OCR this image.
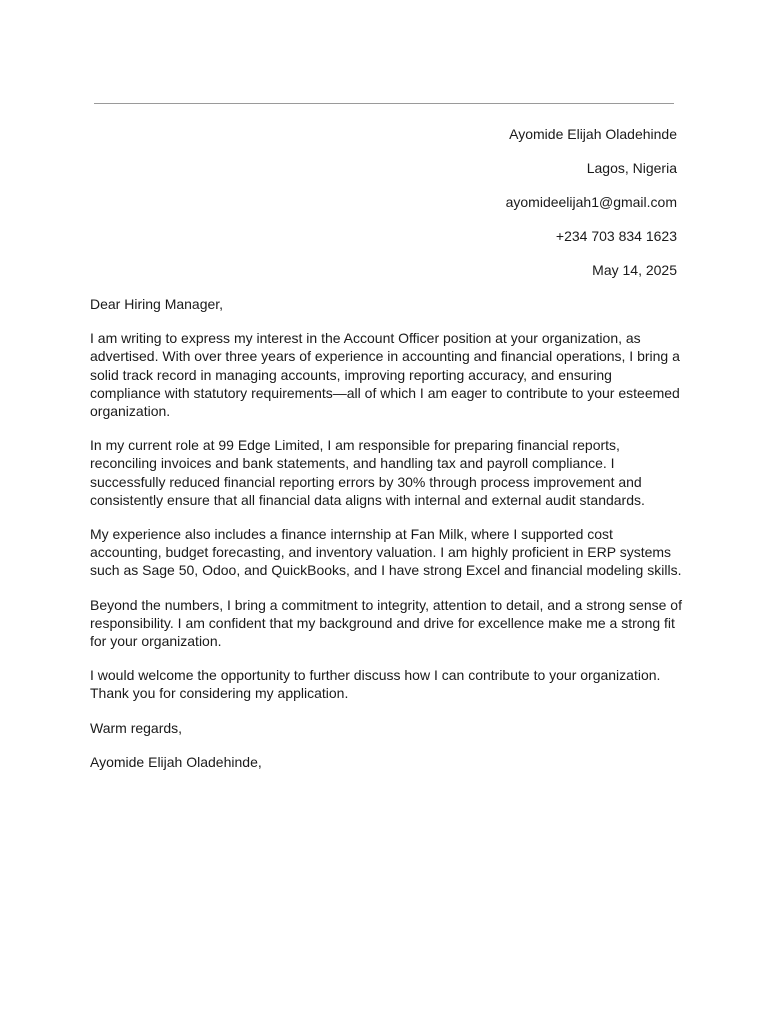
Ayomide Elijah Oladehinde
Lagos, Nigeria
ayomideelijah1@gmail.com
+234 703 834 1623
May 14, 2025

Dear Hiring Manager,

I am writing to express my interest in the Account Officer position at your organization, as advertised. With over three years of experience in accounting and financial operations, I bring a solid track record in managing accounts, improving reporting accuracy, and ensuring compliance with statutory requirements—all of which I am eager to contribute to your esteemed organization.

In my current role at 99 Edge Limited, I am responsible for preparing financial reports, reconciling invoices and bank statements, and handling tax and payroll compliance. I successfully reduced financial reporting errors by 30% through process improvement and consistently ensure that all financial data aligns with internal and external audit standards.

My experience also includes a finance internship at Fan Milk, where I supported cost accounting, budget forecasting, and inventory valuation. I am highly proficient in ERP systems such as Sage 50, Odoo, and QuickBooks, and I have strong Excel and financial modeling skills.

Beyond the numbers, I bring a commitment to integrity, attention to detail, and a strong sense of responsibility. I am confident that my background and drive for excellence make me a strong fit for your organization.

I would welcome the opportunity to further discuss how I can contribute to your organization. Thank you for considering my application.

Warm regards,

Ayomide Elijah Oladehinde,
